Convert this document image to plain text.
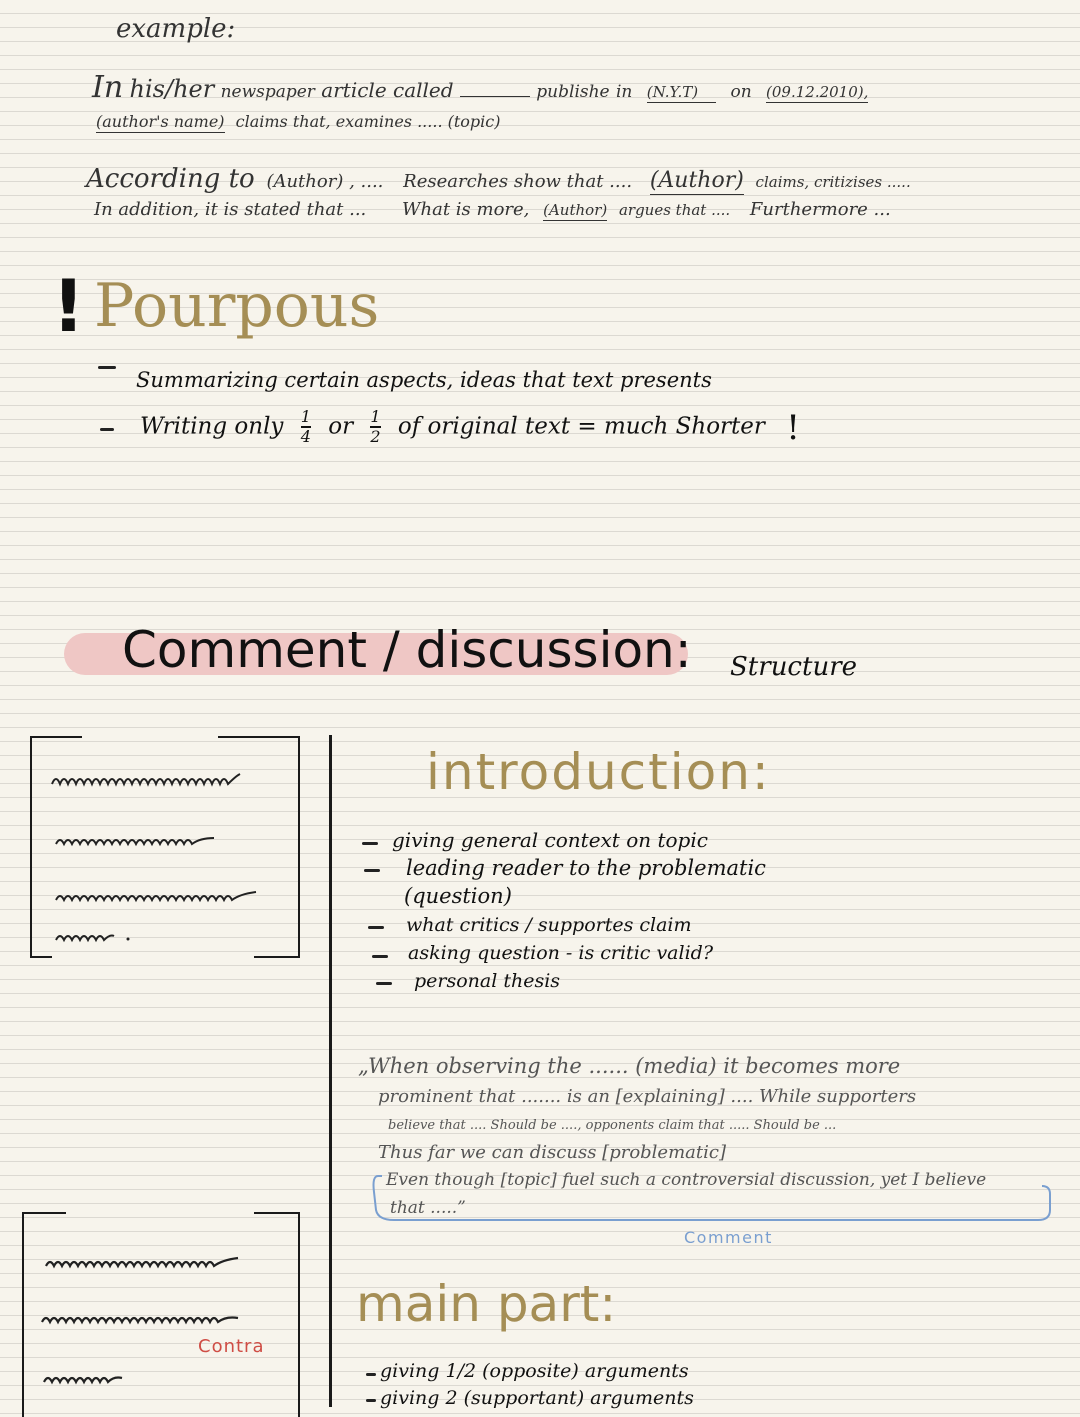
example:
In his/her newspaper article called	publishe in (N.Y.T) on (09.12.2010),
(author's name) claims that, examines ..... (topic)
According to (Author) , .... Researches show that .... (Author) claims, critizises .....
In addition, it is stated that ... What is more, (Author) argues that .... Furthermore ...
! Pourpous
Summarizing certain aspects, ideas that text presents
Writing only $\frac{1}{4}$ or $\frac{1}{2}$ of original text = much Shorter !
Comment / discussion: Structure
Contra
introduction:
giving general context on topic
leading reader to the problematic
(question)
what critics / supportes claim
asking question - is critic valid?
personal thesis
„When observing the ...... (media) it becomes more
prominent that ....... is an [explaining] .... While supporters
believe that .... Should be ...., opponents claim that ..... Should be ...
Thus far we can discuss [problematic]
Even though [topic] fuel such a controversial discussion, yet I believe
that .....”
Comment
main part:
giving 1/2 (opposite) arguments
giving 2 (supportant) arguments
